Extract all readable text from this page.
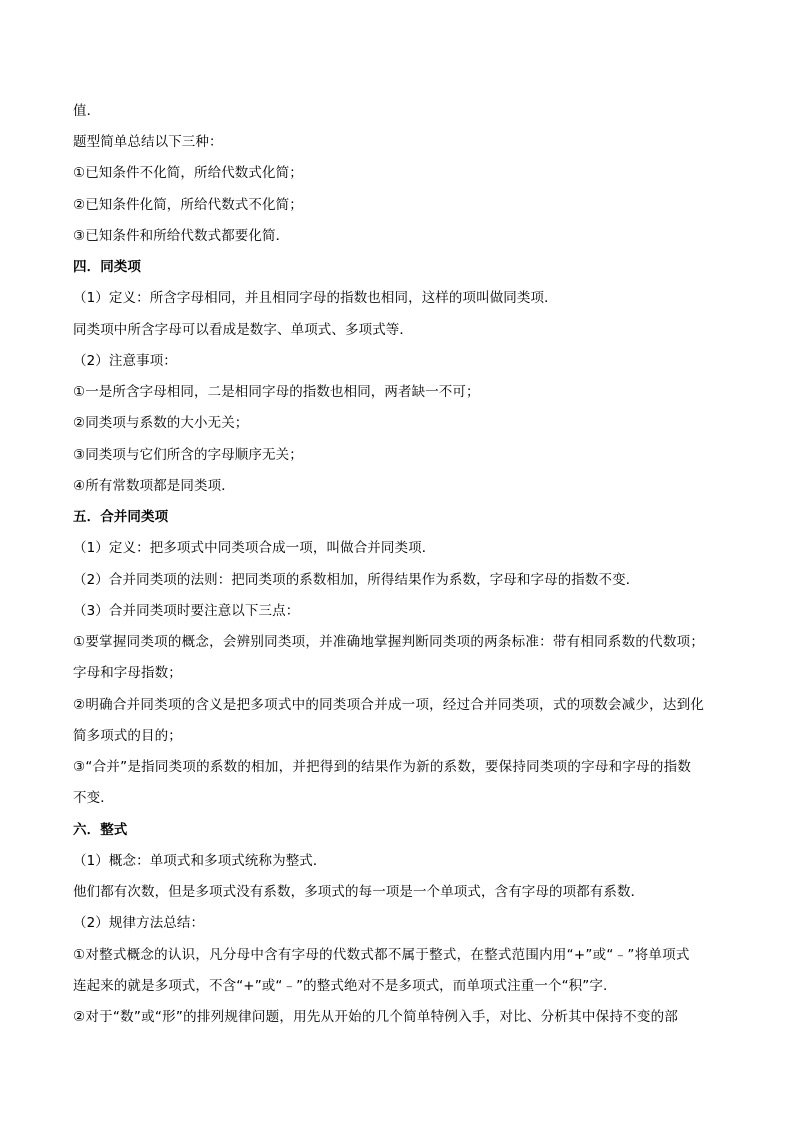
值．
题型简单总结以下三种：
①已知条件不化简，所给代数式化简；
②已知条件化简，所给代数式不化简；
③已知条件和所给代数式都要化简．
四．同类项
（1）定义：所含字母相同，并且相同字母的指数也相同，这样的项叫做同类项．
同类项中所含字母可以看成是数字、单项式、多项式等．
（2）注意事项：
①一是所含字母相同，二是相同字母的指数也相同，两者缺一不可；
②同类项与系数的大小无关；
③同类项与它们所含的字母顺序无关；
④所有常数项都是同类项．
五．合并同类项
（1）定义：把多项式中同类项合成一项，叫做合并同类项．
（2）合并同类项的法则：把同类项的系数相加，所得结果作为系数，字母和字母的指数不变．
（3）合并同类项时要注意以下三点：
①要掌握同类项的概念，会辨别同类项，并准确地掌握判断同类项的两条标准：带有相同系数的代数项；
字母和字母指数；
②明确合并同类项的含义是把多项式中的同类项合并成一项，经过合并同类项，式的项数会减少，达到化
简多项式的目的；
③“合并”是指同类项的系数的相加，并把得到的结果作为新的系数，要保持同类项的字母和字母的指数
不变．
六．整式
（1）概念：单项式和多项式统称为整式．
他们都有次数，但是多项式没有系数，多项式的每一项是一个单项式，含有字母的项都有系数．
（2）规律方法总结：
①对整式概念的认识，凡分母中含有字母的代数式都不属于整式，在整式范围内用“+”或“﹣”将单项式
连起来的就是多项式，不含“+”或“﹣”的整式绝对不是多项式，而单项式注重一个“积”字.
②对于“数”或“形”的排列规律问题，用先从开始的几个简单特例入手，对比、分析其中保持不变的部
